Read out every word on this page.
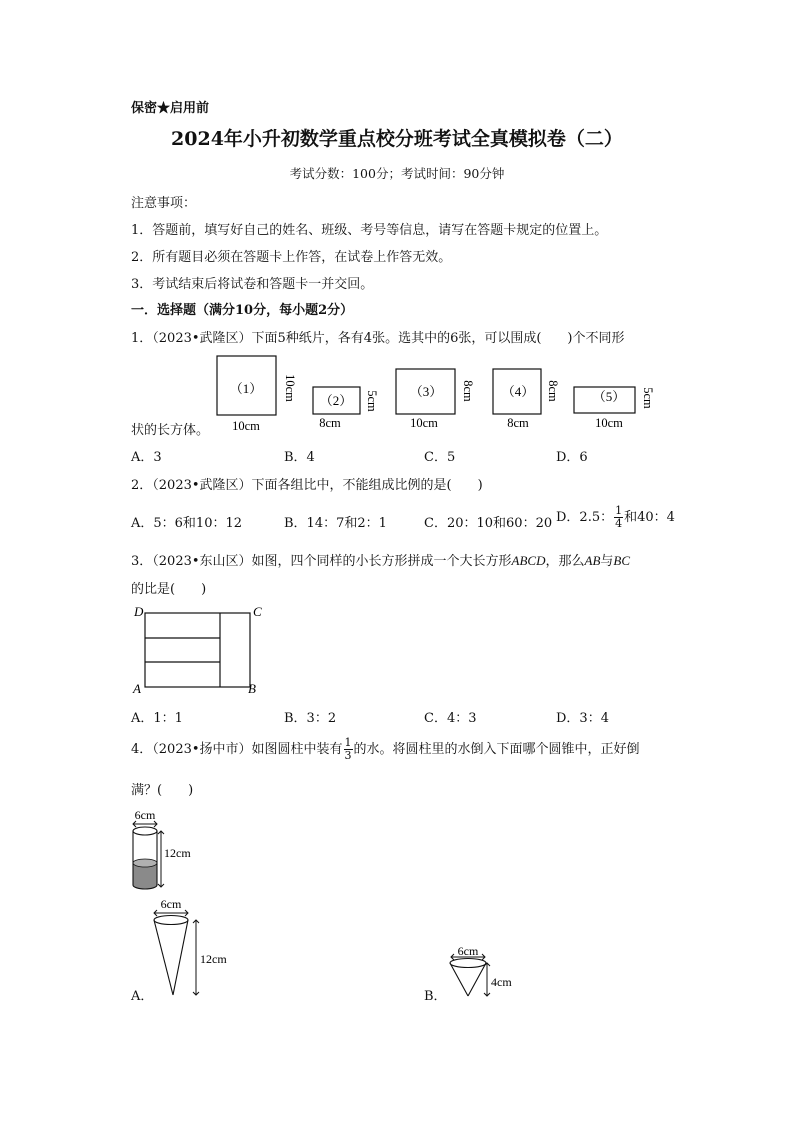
保密★启用前
2024年小升初数学重点校分班考试全真模拟卷（二）
考试分数：100分；考试时间：90分钟
注意事项：
1．答题前，填写好自己的姓名、班级、考号等信息，请写在答题卡规定的位置上。
2．所有题目必须在答题卡上作答，在试卷上作答无效。
3．考试结束后将试卷和答题卡一并交回。
一．选择题（满分10分，每小题2分）
1．（2023•武隆区）下面5种纸片，各有4张。选其中的6张，可以围成(　　)个不同形
（1）
10cm
10cm （2）
8cm
5cm （3）
10cm
8cm （4）
8cm
8cm	（5）
10cm
5cm
状的长方体。
A．3	B．4	C．5	D．6
2．（2023•武隆区）下面各组比中，不能组成比例的是(　　)
A．5：6和10：12	B．14：7和2：1	C．20：10和60：20 D．2.5： $\frac{1}{4}$ 和40：4
3．（2023•东山区）如图，四个同样的小长方形拼成一个大长方形ABCD，那么AB与BC
的比是(　　)
D	C
A	B
A．1：1	B．3：2	C．4：3	D．3：4
4．（2023•扬中市）如图圆柱中装有 $\frac{1}{3}$ 的水。将圆柱里的水倒入下面哪个圆锥中，正好倒
满？(　　)
6cm
12cm
6cm
12cm
A．
6cm
4cm
B．
